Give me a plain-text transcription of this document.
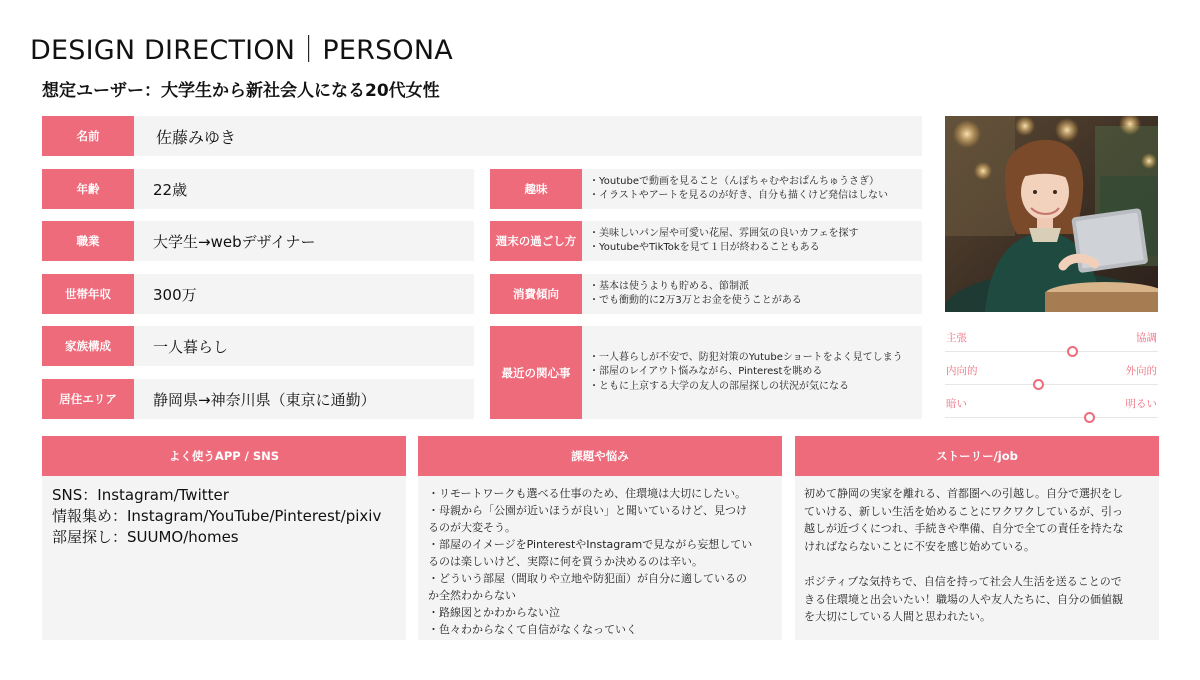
DESIGN DIRECTION｜PERSONA
想定ユーザー：大学生から新社会人になる20代女性
名前	佐藤みゆき
年齢	22歳
職業	大学生→webデザイナー
世帯年収	300万
家族構成	一人暮らし
居住エリア	静岡県→神奈川県（東京に通勤）
趣味
・Youtubeで動画を見ること（んぽちゃむやおぱんちゅうさぎ）
・イラストやアートを見るのが好き、自分も描くけど発信はしない
週末の過ごし方
・美味しいパン屋や可愛い花屋、雰囲気の良いカフェを探す
・YoutubeやTikTokを見て１日が終わることもある
消費傾向
・基本は使うよりも貯める、節制派
・でも衝動的に2万3万とお金を使うことがある
最近の関心事
・一人暮らしが不安で、防犯対策のYutubeショートをよく見てしまう
・部屋のレイアウト悩みながら、Pinterestを眺める
・ともに上京する大学の友人の部屋探しの状況が気になる
主張	協調
内向的	外向的
暗い	明るい
よく使うAPP / SNS

SNS：Instagram/Twitter

情報集め：Instagram/YouTube/Pinterest/pixiv

部屋探し：SUUMO/homes

課題や悩み

・リモートワークも選べる仕事のため、住環境は大切にしたい。

・母親から「公園が近いほうが良い」と聞いているけど、見つけ

るのが大変そう。

・部屋のイメージをPinterestやInstagramで見ながら妄想してい

るのは楽しいけど、実際に何を買うか決めるのは辛い。

・どういう部屋（間取りや立地や防犯面）が自分に適しているの

か全然わからない

・路線図とかわからない泣

・色々わからなくて自信がなくなっていく

ストーリー/job

初めて静岡の実家を離れる、首都圏への引越し。自分で選択をし

ていける、新しい生活を始めることにワクワクしているが、引っ

越しが近づくにつれ、手続きや準備、自分で全ての責任を持たな

ければならないことに不安を感じ始めている。

ポジティブな気持ちで、自信を持って社会人生活を送ることので

きる住環境と出会いたい！職場の人や友人たちに、自分の価値観

を大切にしている人間と思われたい。
